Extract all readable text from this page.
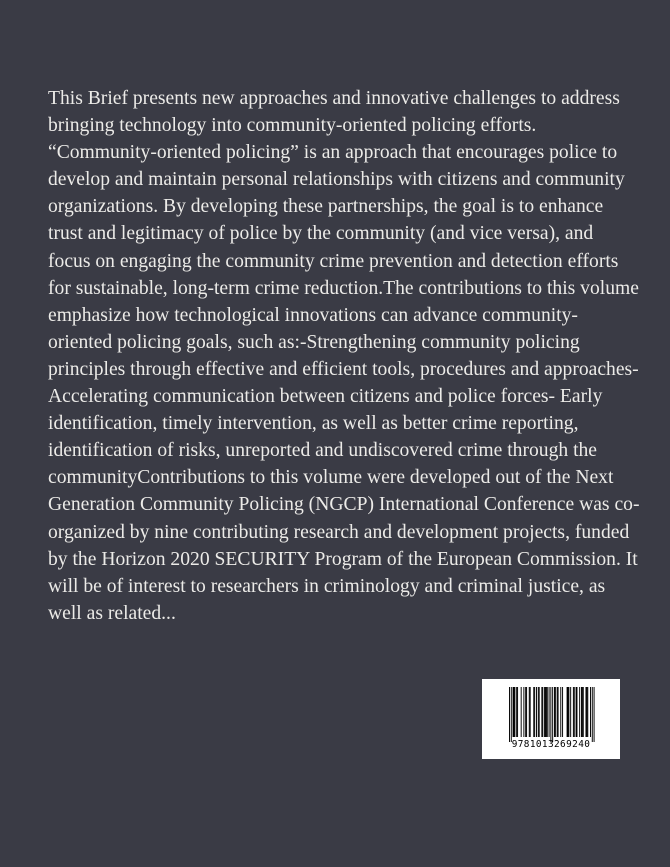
This Brief presents new approaches and innovative challenges to address bringing technology into community-oriented policing efforts. “Community-oriented policing” is an approach that encourages police to develop and maintain personal relationships with citizens and community organizations. By developing these partnerships, the goal is to enhance trust and legitimacy of police by the community (and vice versa), and focus on engaging the community crime prevention and detection efforts for sustainable, long-term crime reduction.The contributions to this volume emphasize how technological innovations can advance community-oriented policing goals, such as:-Strengthening community policing principles through effective and efficient tools, procedures and approaches- Accelerating communication between citizens and police forces- Early identification, timely intervention, as well as better crime reporting, identification of risks, unreported and undiscovered crime through the communityContributions to this volume were developed out of the Next Generation Community Policing (NGCP) International Conference was co-organized by nine contributing research and development projects, funded by the Horizon 2020 SECURITY Program of the European Commission. It will be of interest to researchers in criminology and criminal justice, as well as related...

9781013269240
